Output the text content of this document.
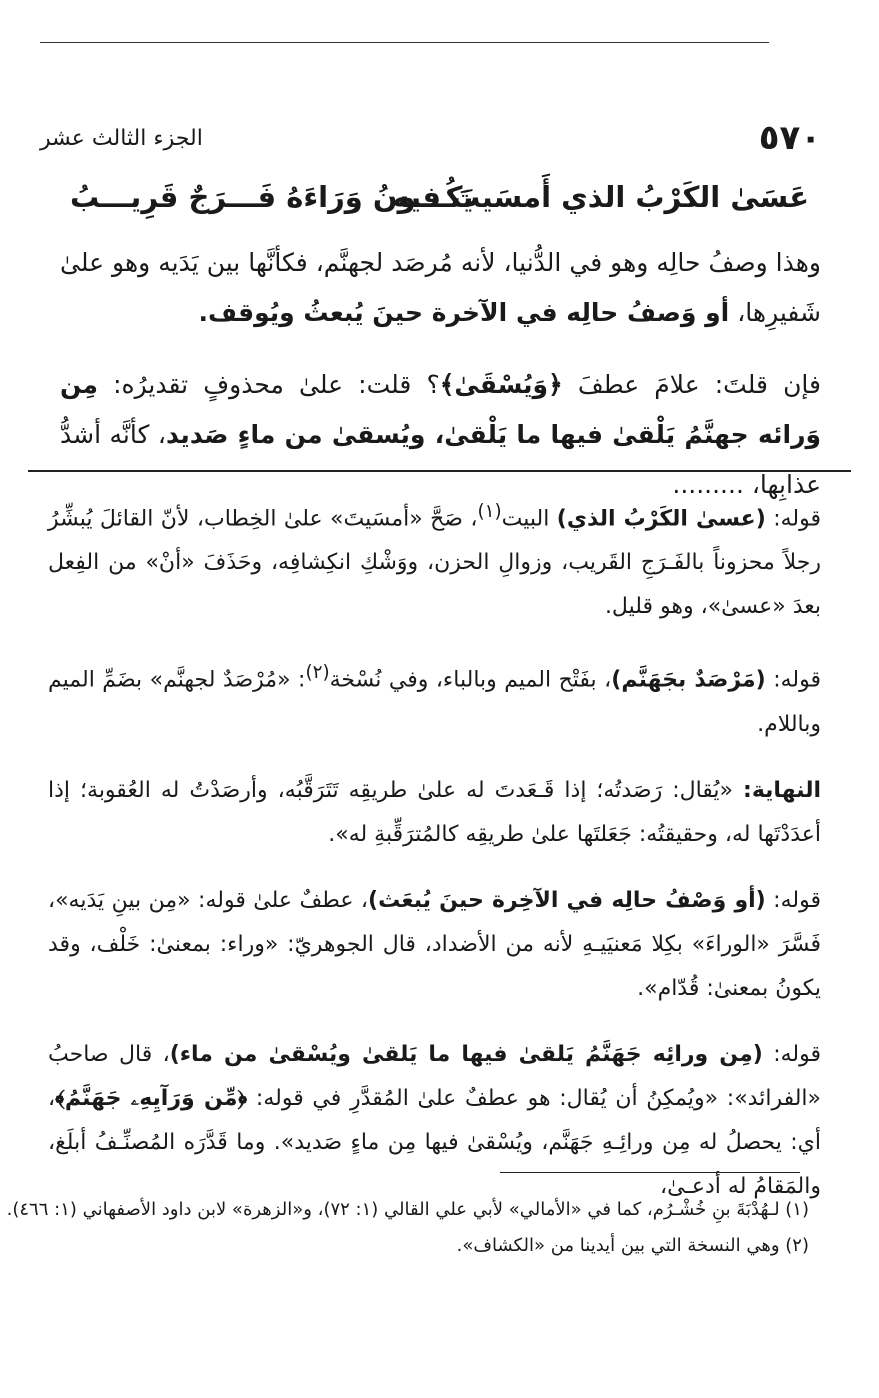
٥٧٠
الجزء الثالث عشر
عَسَىٰ الكَرْبُ الذي أَمسَيتَ فيه
يَكُـــونُ وَرَاءَهُ فَـــرَجٌ قَرِيـــبُ

وهذا وصفُ حالِه وهو في الدُّنيا، لأنه مُرصَد لجهنَّم، فكأنَّها بين يَدَيه وهو علىٰ شَفيرِها، أو وَصفُ حالِه في الآخرة حينَ يُبعثُ ويُوقف.

فإن قلتَ: علامَ عطفَ ﴿وَيُسْقَىٰ﴾؟ قلت: علىٰ محذوفٍ تقديرُه: مِن وَرائه جهنَّمُ يَلْقىٰ فيها ما يَلْقىٰ، ويُسقىٰ من ماءٍ صَديد، كأنَّه أشدُّ عذابِها، .........

قوله: (عسىٰ الكَرْبُ الذي) البيت$^{(١)}$، صَحَّ «أمسَيتَ» علىٰ الخِطاب، لأنّ القائلَ يُبشِّرُ رجلاً محزوناً بالفَـرَجِ القَريب، وزوالِ الحزن، ووَشْكِ انكِشافِه، وحَذَفَ «أنْ» من الفِعل بعدَ «عسىٰ»، وهو قليل.

قوله: (مَرْصَدٌ بجَهَنَّم)، بفَتْح الميم وبالباء، وفي نُسْخة$^{(٢)}$: «مُرْصَدٌ لجهنَّم» بضَمِّ الميم وباللام.

النهاية: «يُقال: رَصَدتُه؛ إذا قَـعَدتَ له علىٰ طريقِه تَتَرَقَّبُه، وأرصَدْتُ له العُقوبة؛ إذا أعدَدْتَها له، وحقيقتُه: جَعَلتَها علىٰ طريقِه كالمُترَقِّبةِ له».

قوله: (أو وَصْفُ حالِه في الآخِرة حينَ يُبعَث)، عطفٌ علىٰ قوله: «مِن بينِ يَدَيه»، فَسَّرَ «الوراءَ» بكِلا مَعنيَيـهِ لأنه من الأضداد، قال الجوهريّ: «وراء: بمعنىٰ: خَلْف، وقد يكونُ بمعنىٰ: قُدّام».

قوله: (مِن ورائِه جَهَنَّمُ يَلقىٰ فيها ما يَلقىٰ ويُسْقىٰ من ماء)، قال صاحبُ «الفرائد»: «ويُمكِنُ أن يُقال: هو عطفٌ علىٰ المُقدَّرِ في قوله: ﴿مِّن وَرَآيِهِۦ جَهَنَّمُ﴾، أي: يحصلُ له مِن ورائِـهِ جَهَنَّم، ويُسْقىٰ فيها مِن ماءٍ صَديد». وما قَدَّرَه المُصنِّـفُ أبلَغ، والمَقامُ له أدعـىٰ،

(١) لـهُدْبَةَ بنِ خُشْـرُم، كما في «الأمالي» لأبي علي القالي (١: ٧٢)، و«الزهرة» لابن داود الأصفهاني (١: ٤٦٦).

(٢) وهي النسخة التي بين أيدينا من «الكشاف».
